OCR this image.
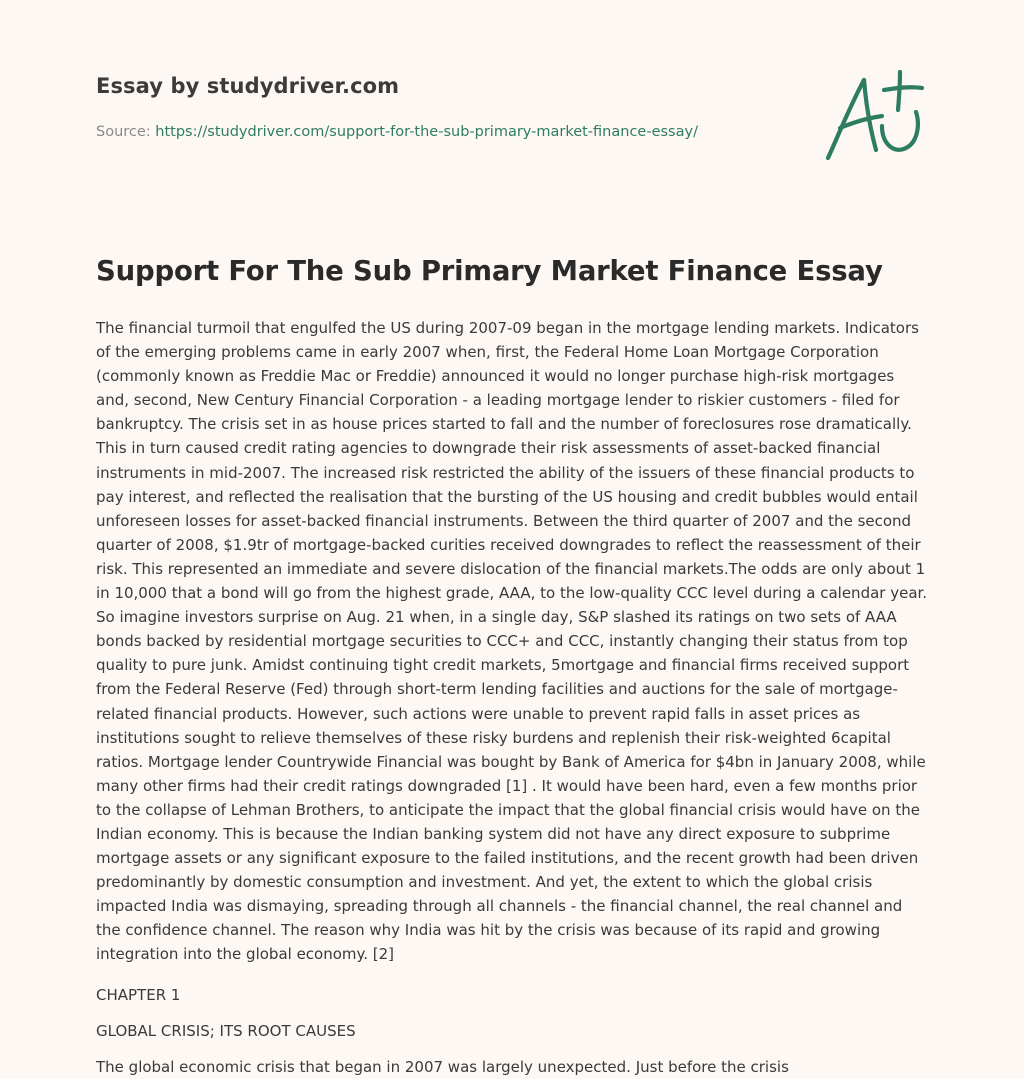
Essay by studydriver.com

Source: https://studydriver.com/support-for-the-sub-primary-market-finance-essay/
Support For The Sub Primary Market Finance Essay

The financial turmoil that engulfed the US during 2007-09 began in the mortgage lending markets. Indicators of the emerging problems came in early 2007 when, first, the Federal Home Loan Mortgage Corporation (commonly known as Freddie Mac or Freddie) announced it would no longer purchase high-risk mortgages and, second, New Century Financial Corporation - a leading mortgage lender to riskier customers - filed for bankruptcy. The crisis set in as house prices started to fall and the number of foreclosures rose dramatically. This in turn caused credit rating agencies to downgrade their risk assessments of asset-backed financial instruments in mid-2007. The increased risk restricted the ability of the issuers of these financial products to pay interest, and reflected the realisation that the bursting of the US housing and credit bubbles would entail unforeseen losses for asset-backed financial instruments. Between the third quarter of 2007 and the second quarter of 2008, $1.9tr of mortgage-backed curities received downgrades to reflect the reassessment of their risk. This represented an immediate and severe dislocation of the financial markets.The odds are only about 1 in 10,000 that a bond will go from the highest grade, AAA, to the low-quality CCC level during a calendar year. So imagine investors surprise on Aug. 21 when, in a single day, S&P slashed its ratings on two sets of AAA bonds backed by residential mortgage securities to CCC+ and CCC, instantly changing their status from top quality to pure junk. Amidst continuing tight credit markets, 5mortgage and financial firms received support from the Federal Reserve (Fed) through short-term lending facilities and auctions for the sale of mortgage-related financial products. However, such actions were unable to prevent rapid falls in asset prices as institutions sought to relieve themselves of these risky burdens and replenish their risk-weighted 6capital ratios. Mortgage lender Countrywide Financial was bought by Bank of America for $4bn in January 2008, while many other firms had their credit ratings downgraded [1] . It would have been hard, even a few months prior to the collapse of Lehman Brothers, to anticipate the impact that the global financial crisis would have on the Indian economy. This is because the Indian banking system did not have any direct exposure to subprime mortgage assets or any significant exposure to the failed institutions, and the recent growth had been driven predominantly by domestic consumption and investment. And yet, the extent to which the global crisis impacted India was dismaying, spreading through all channels - the financial channel, the real channel and the confidence channel. The reason why India was hit by the crisis was because of its rapid and growing integration into the global economy. [2]

CHAPTER 1

GLOBAL CRISIS; ITS ROOT CAUSES

The global economic crisis that began in 2007 was largely unexpected. Just before the crisis
